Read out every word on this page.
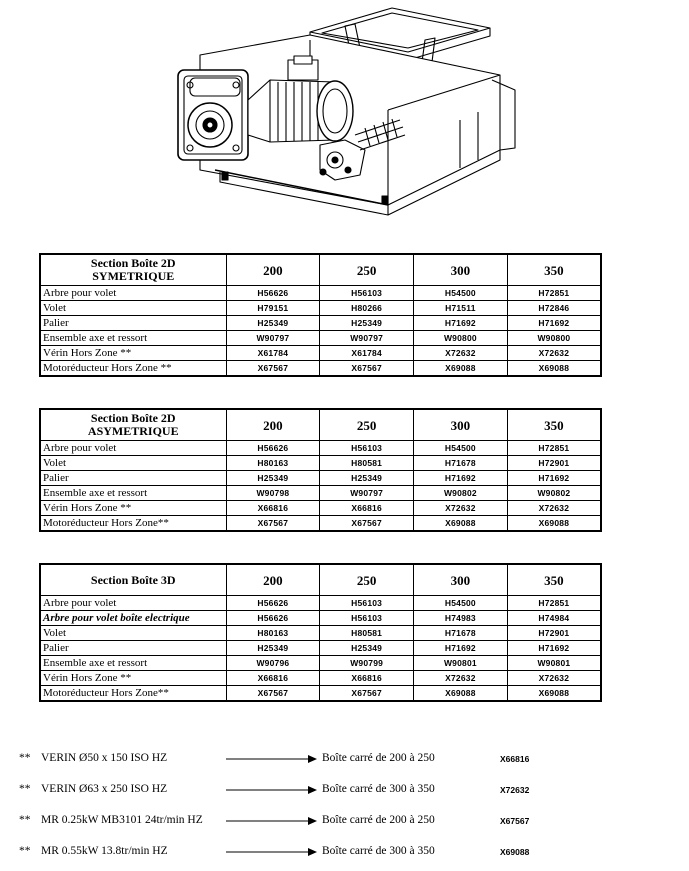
Section Boîte 2D
SYMETRIQUE	200	250	300	350
Arbre pour volet	H56626	H56103	H54500	H72851
Volet	H79151	H80266	H71511	H72846
Palier	H25349	H25349	H71692	H71692
Ensemble axe et ressort	W90797	W90797	W90800	W90800
Vérin Hors Zone **	X61784	X61784	X72632	X72632
Motoréducteur Hors Zone **	X67567	X67567	X69088	X69088
Section Boîte 2D
ASYMETRIQUE	200	250	300	350
Arbre pour volet	H56626	H56103	H54500	H72851
Volet	H80163	H80581	H71678	H72901
Palier	H25349	H25349	H71692	H71692
Ensemble axe et ressort	W90798	W90797	W90802	W90802
Vérin Hors Zone **	X66816	X66816	X72632	X72632
Motoréducteur Hors Zone**	X67567	X67567	X69088	X69088
Section Boîte 3D	200	250	300	350
Arbre pour volet	H56626	H56103	H54500	H72851
Arbre pour volet boîte electrique	H56626	H56103	H74983	H74984
Volet	H80163	H80581	H71678	H72901
Palier	H25349	H25349	H71692	H71692
Ensemble axe et ressort	W90796	W90799	W90801	W90801
Vérin Hors Zone **	X66816	X66816	X72632	X72632
Motoréducteur Hors Zone**	X67567	X67567	X69088	X69088
** VERIN Ø50 x 150 ISO HZ	Boîte carré de 200 à 250	X66816
** VERIN Ø63 x 250 ISO HZ	Boîte carré de 300 à 350	X72632
** MR 0.25kW MB3101 24tr/min HZ	Boîte carré de 200 à 250	X67567
** MR 0.55kW 13.8tr/min HZ	Boîte carré de 300 à 350	X69088
